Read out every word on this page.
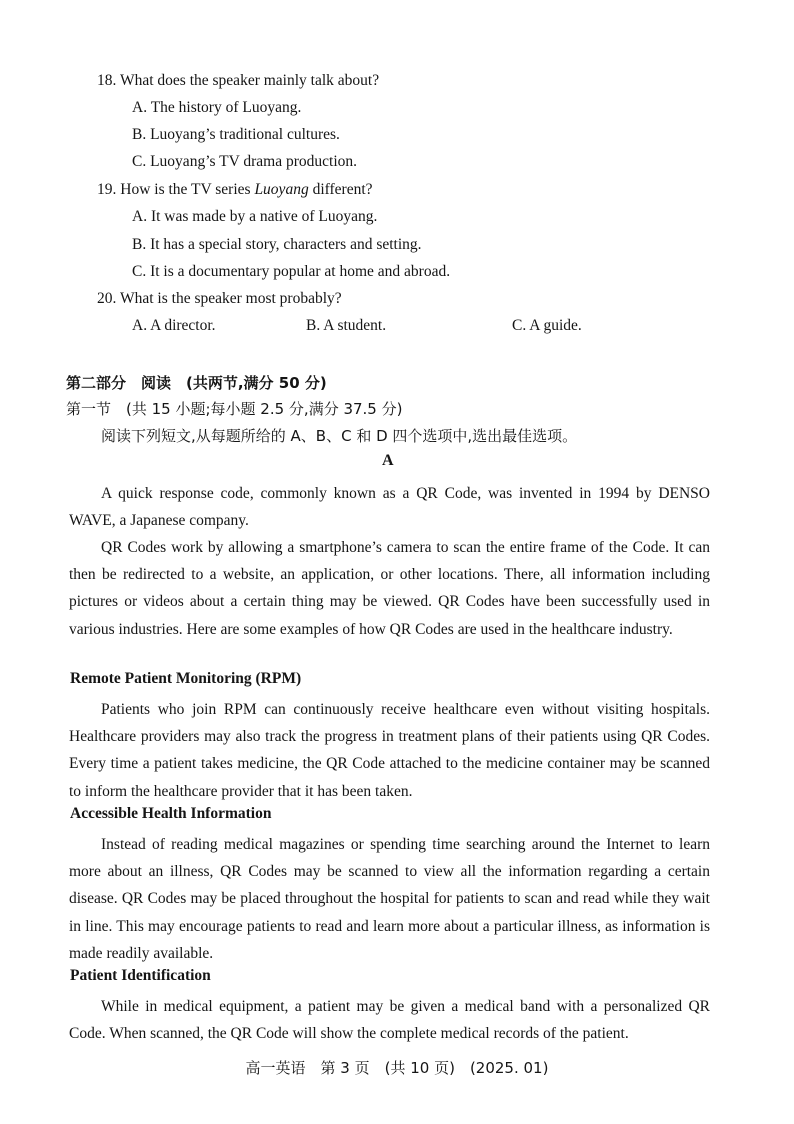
18. What does the speaker mainly talk about?
A. The history of Luoyang.
B. Luoyang’s traditional cultures.
C. Luoyang’s TV drama production.
19. How is the TV series Luoyang different?
A. It was made by a native of Luoyang.
B. It has a special story, characters and setting.
C. It is a documentary popular at home and abroad.
20. What is the speaker most probably?
A. A director.	B. A student.	C. A guide.
第二部分　阅读　(共两节,满分 50 分)
第一节　(共 15 小题;每小题 2.5 分,满分 37.5 分)
阅读下列短文,从每题所给的 A、B、C 和 D 四个选项中,选出最佳选项。
A

A quick response code, commonly known as a QR Code, was invented in 1994 by DENSO WAVE, a Japanese company.

QR Codes work by allowing a smartphone’s camera to scan the entire frame of the Code. It can then be redirected to a website, an application, or other locations. There, all information including pictures or videos about a certain thing may be viewed. QR Codes have been successfully used in various industries. Here are some examples of how QR Codes are used in the healthcare industry.

Remote Patient Monitoring (RPM)

Patients who join RPM can continuously receive healthcare even without visiting hospitals. Healthcare providers may also track the progress in treatment plans of their patients using QR Codes. Every time a patient takes medicine, the QR Code attached to the medicine container may be scanned to inform the healthcare provider that it has been taken.

Accessible Health Information

Instead of reading medical magazines or spending time searching around the Internet to learn more about an illness, QR Codes may be scanned to view all the information regarding a certain disease. QR Codes may be placed throughout the hospital for patients to scan and read while they wait in line. This may encourage patients to read and learn more about a particular illness, as information is made readily available.

Patient Identification

While in medical equipment, a patient may be given a medical band with a personalized QR Code. When scanned, the QR Code will show the complete medical records of the patient.

高一英语　第 3 页　(共 10 页)　(2025. 01)
